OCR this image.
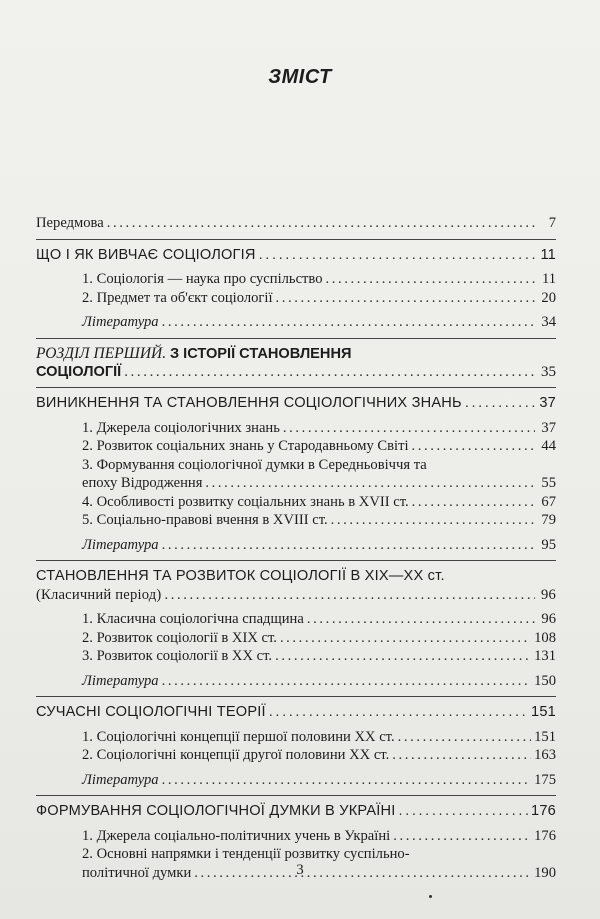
ЗМІСТ
Передмова .....	7
ЩО І ЯК ВИВЧАЄ СОЦІОЛОГІЯ .....	11
1. Соціологія — наука про суспільство .....	11
2. Предмет та об'єкт соціології .....	20
Література .....	34
РОЗДІЛ ПЕРШИЙ. З ІСТОРІЇ СТАНОВЛЕННЯ
СОЦІОЛОГІЇ .....	35
ВИНИКНЕННЯ ТА СТАНОВЛЕННЯ СОЦІОЛОГІЧНИХ ЗНАНЬ .....	37
1. Джерела соціологічних знань .....	37
2. Розвиток соціальних знань у Стародавньому Світі .....	44
3. Формування соціологічної думки в Середньовіччя та
епоху Відродження .....	55
4. Особливості розвитку соціальних знань в XVII ст. .....	67
5. Соціально-правові вчення в XVIII ст. .....	79
Література .....	95
СТАНОВЛЕННЯ ТА РОЗВИТОК СОЦІОЛОГІЇ В XIX—XX ст.
(Класичний період) .....	96
1. Класична соціологічна спадщина .....	96
2. Розвиток соціології в XIX ст. .....	108
3. Розвиток соціології в XX ст. .....	131
Література .....	150
СУЧАСНІ СОЦІОЛОГІЧНІ ТЕОРІЇ .....	151
1. Соціологічні концепції першої половини XX ст. .....	151
2. Соціологічні концепції другої половини XX ст. .....	163
Література .....	175
ФОРМУВАННЯ СОЦІОЛОГІЧНОЇ ДУМКИ В УКРАЇНІ .....	176
1. Джерела соціально-політичних учень в Україні .....	176
2. Основні напрямки і тенденції розвитку суспільно-
політичної думки .....	190
3
